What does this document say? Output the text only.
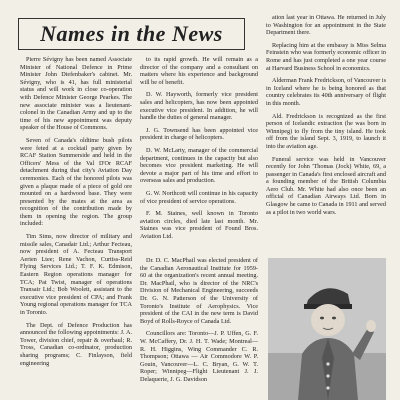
Names in the News

Pierre Sévigny has been named Associate Minister of National Defence in Prime Minister John Diefenbaker's cabinet. Mr. Sévigny, who is 41, has full ministerial status and will work in close co-operation with Defence Minister George Pearkes. The new associate minister was a lieutenant-colonel in the Canadian Army and up to the time of his new appointment was deputy speaker of the House of Commons.

Seven of Canada's oldtime bush pilots were feted at a cocktail party given by RCAF Station Summerside and held in the Officers' Mess of the Val D'Or RCAF detachment during that city's Aviation Day ceremonies. Each of the honored pilots was given a plaque made of a piece of gold ore mounted on a hardwood base. They were presented by the mates at the area as recognition of the contribution made by them in opening the region. The group included:

Tim Sims, now director of military and missile sales, Canadair Ltd.; Arthur Fecteau, now president of A. Fecteau Transport Aerien Ltee; Rene Vachon, Curtiss-Reid Flying Services Ltd.; T. F. K. Edmison, Eastern Region operations manager for TCA; Pat Twist, manager of operations Transair Ltd.; Bob Woolett, assistant to the executive vice president of CPA; and Frank Young regional operations manager for TCA in Toronto.

The Dept. of Defence Production has announced the following appointments: J. A. Tower, division chief, repair & overhaul; R. Tross, Canadian co-ordinator, production sharing programs; C. Finlayson, field engineering

to its rapid growth. He will remain as a director of the company and a consultant on matters where his experience and background will be of benefit.

D. W. Hayworth, formerly vice president sales and helicopters, has now been appointed executive vice president. In addition, he will handle the duties of general manager.

J. G. Townsend has been appointed vice president in charge of helicopters.

D. W. McLarty, manager of the commercial department, continues in the capacity but also becomes vice president marketing. He will devote a major part of his time and effort to overseas sales and production.

G. W. Northcott will continue in his capacity of vice president of service operations.

F. M. Staines, well known in Toronto aviation circles, died late last month. Mr. Staines was vice president of Found Bros. Aviation Ltd.

Dr. D. C. MacPhail was elected president of the Canadian Aeronautical Institute for 1959-60 at the organization's recent annual meeting. Dr. MacPhail, who is director of the NRC's Division of Mechanical Engineering, succeeds Dr. G. N. Patterson of the University of Toronto's Institute of Aerophysics. Vice president of the CAI in the new term is David Boyd of Rolls-Royce of Canada Ltd.

Councillors are: Toronto—J. P. Uffen, G. F. W. McCaffery, Dr. J. H. T. Wade; Montreal—R. H. Higgins, Wing Commander C. R. Thompson; Ottawa — Air Commodore W. P. Gouin, Vancouver—L. C. Bryan, G. W. T. Roper; Winnipeg—Flight Lieutenant J. J. Delaquerie, J. G. Davidson

ation last year in Ottawa. He returned in July to Washington for an appointment in the State Department there.

Replacing him at the embassy is Miss Selma Feinstein who was formerly economic officer in Rome and has just completed a one year course at Harvard Business School in economics.

Alderman Frank Fredrickson, of Vancouver is in Iceland where he is being honored as that country celebrates its 40th anniversary of flight in this month.

Ald. Fredrickson is recognized as the first person of Icelandic extraction (he was born in Winnipeg) to fly from the tiny island. He took off from the island Sept. 3, 1919, to launch it into the aviation age.

Funeral service was held in Vancouver recently for John 'Thomas (Jock) White, 69, a passenger in Canada's first enclosed aircraft and a founding member of the British Columbia Aero Club. Mr. White had also once been an official of Canadian Airways Ltd. Born in Glasgow he came to Canada in 1911 and served as a pilot in two world wars.
